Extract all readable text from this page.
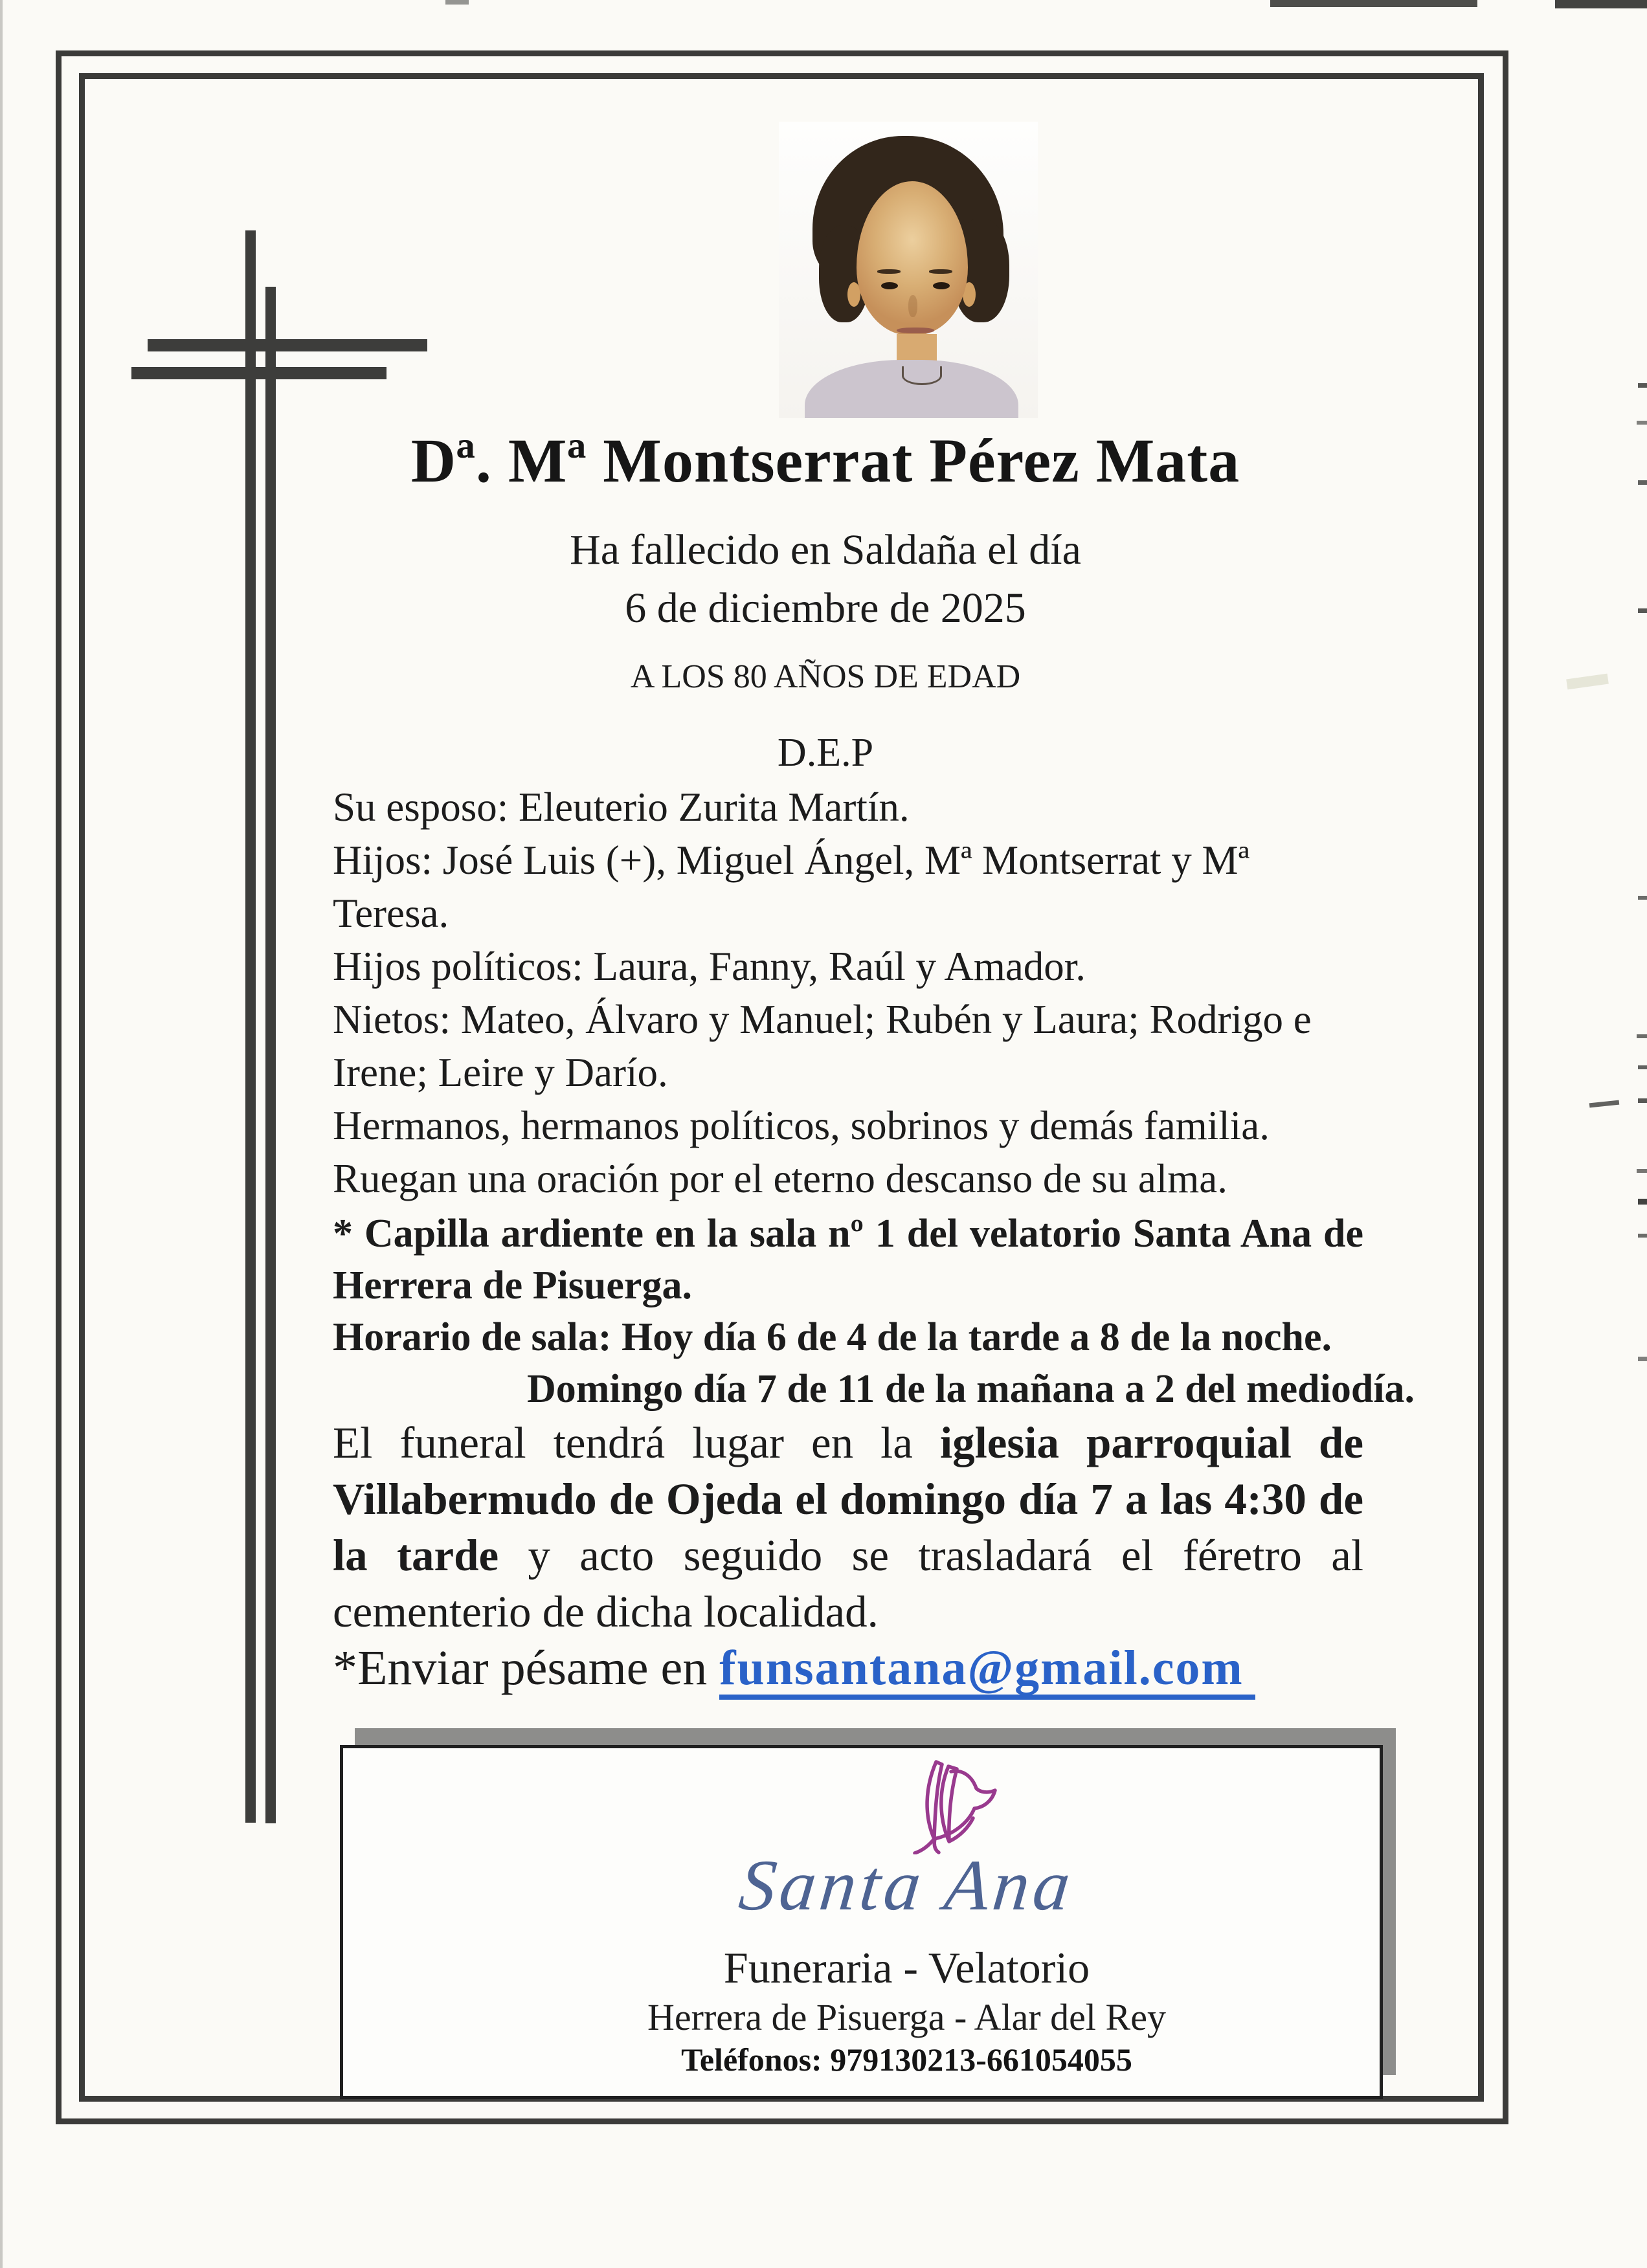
Dª. Mª Montserrat Pérez Mata
Ha fallecido en Saldaña el día
6 de diciembre de 2025
A LOS 80 AÑOS DE EDAD
D.E.P
Su esposo: Eleuterio Zurita Martín.
Hijos: José Luis (+), Miguel Ángel, Mª Montserrat y Mª
Teresa.
Hijos políticos: Laura, Fanny, Raúl y Amador.
Nietos: Mateo, Álvaro y Manuel; Rubén y Laura; Rodrigo e
Irene; Leire y Darío.
Hermanos, hermanos políticos, sobrinos y demás familia.
Ruegan una oración por el eterno descanso de su alma.
* Capilla ardiente en la sala nº 1 del velatorio Santa Ana de
Herrera de Pisuerga.
Horario de sala: Hoy día 6 de 4 de la tarde a 8 de la noche.
Domingo día 7 de 11 de la mañana a 2 del mediodía.
El funeral tendrá lugar en la iglesia parroquial de
Villabermudo de Ojeda el domingo día 7 a las 4:30 de
la tarde y acto seguido se trasladará el féretro al
cementerio de dicha localidad.
*Enviar pésame en funsantana@gmail.com
Santa Ana
Funeraria - Velatorio
Herrera de Pisuerga - Alar del Rey
Teléfonos: 979130213-661054055
